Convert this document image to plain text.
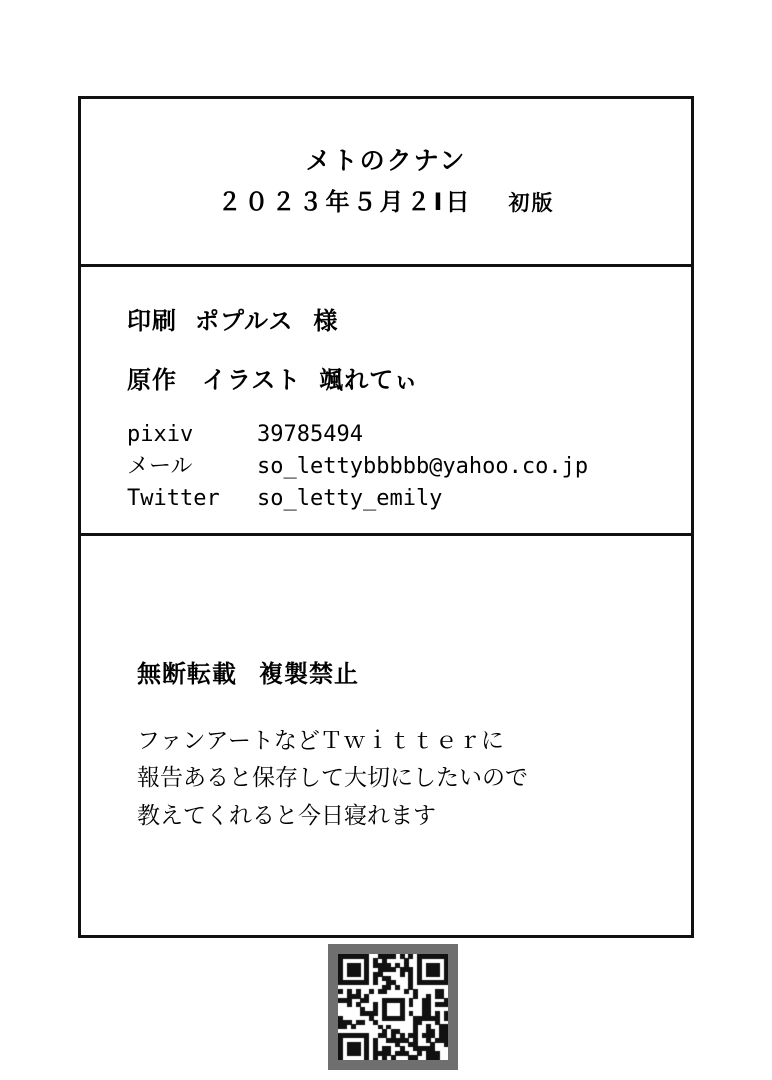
メトのクナン
２０２３年５月２I日 初版
印刷 ポプルス 様
原作　イラスト 颯れてぃ
pixiv	39785494
メール	so_lettybbbbb@yahoo.co.jp
Twitter so_letty_emily
無断転載 複製禁止
ファンアートなどＴｗｉｔｔｅｒに
報告あると保存して大切にしたいので
教えてくれると今日寝れます
